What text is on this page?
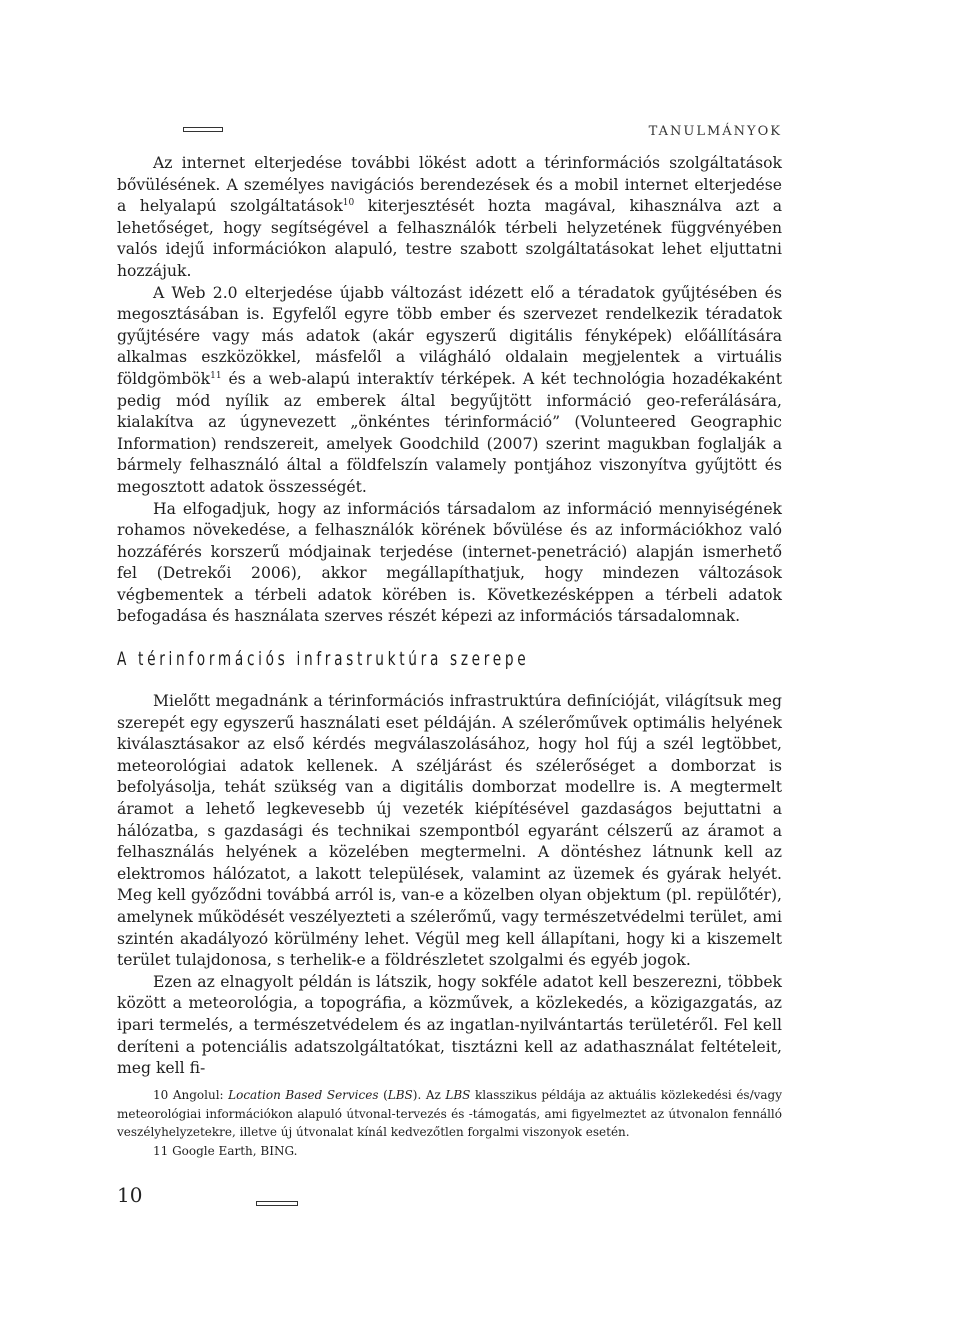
TANULMÁNYOK

Az internet elterjedése további lökést adott a térinformációs szolgáltatások bővülésének. A személyes navigációs berendezések és a mobil internet elterjedése a helyalapú szolgáltatások$^{10}$ kiterjesztését hozta magával, kihasználva azt a lehetőséget, hogy segítségével a felhasználók térbeli helyzetének függvényében valós idejű információkon alapuló, testre szabott szolgáltatásokat lehet eljuttatni hozzájuk.

A Web 2.0 elterjedése újabb változást idézett elő a téradatok gyűjtésében és megosztásában is. Egyfelől egyre több ember és szervezet rendelkezik téradatok gyűjtésére vagy más adatok (akár egyszerű digitális fényképek) előállítására alkalmas eszközökkel, másfelől a világháló oldalain megjelentek a virtuális földgömbök$^{11}$ és a web-alapú interaktív térképek. A két technológia hozadékaként pedig mód nyílik az emberek által begyűjtött információ geo-referálására, kialakítva az úgynevezett „önkéntes térinformáció” (Volunteered Geographic Information) rendszereit, amelyek Goodchild (2007) szerint magukban foglalják a bármely felhasználó által a földfelszín valamely pontjához viszonyítva gyűjtött és megosztott adatok összességét.

Ha elfogadjuk, hogy az információs társadalom az információ mennyiségének rohamos növekedése, a felhasználók körének bővülése és az információkhoz való hozzáférés korszerű módjainak terjedése (internet-penetráció) alapján ismerhető fel (Detrekői 2006), akkor megállapíthatjuk, hogy mindezen változások végbementek a térbeli adatok körében is. Következésképpen a térbeli adatok befogadása és használata szerves részét képezi az információs társadalomnak.

A térinformációs infrastruktúra szerepe

Mielőtt megadnánk a térinformációs infrastruktúra definícióját, világítsuk meg szerepét egy egyszerű használati eset példáján. A szélerőművek optimális helyének kiválasztásakor az első kérdés megválaszolásához, hogy hol fúj a szél legtöbbet, meteorológiai adatok kellenek. A széljárást és szélerőséget a domborzat is befolyásolja, tehát szükség van a digitális domborzat modellre is. A megtermelt áramot a lehető legkevesebb új vezeték kiépítésével gazdaságos bejuttatni a hálózatba, s gazdasági és technikai szempontból egyaránt célszerű az áramot a felhasználás helyének a közelében megtermelni. A döntéshez látnunk kell az elektromos hálózatot, a lakott települések, valamint az üzemek és gyárak helyét. Meg kell győződni továbbá arról is, van-e a közelben olyan objektum (pl. repülőtér), amelynek működését veszélyezteti a szélerőmű, vagy természetvédelmi terület, ami szintén akadályozó körülmény lehet. Végül meg kell állapítani, hogy ki a kiszemelt terület tulajdonosa, s terhelik-e a földrészletet szolgalmi és egyéb jogok.

Ezen az elnagyolt példán is látszik, hogy sokféle adatot kell beszerezni, többek között a meteorológia, a topográfia, a közművek, a közlekedés, a közigazgatás, az ipari termelés, a természetvédelem és az ingatlan-nyilvántartás területéről. Fel kell deríteni a potenciális adatszolgáltatókat, tisztázni kell az adathasználat feltételeit, meg kell fi-

10 Angolul: Location Based Services (LBS). Az LBS klasszikus példája az aktuális közlekedési és/vagy meteorológiai információkon alapuló útvonal-tervezés és -támogatás, ami figyelmeztet az útvonalon fennálló veszélyhelyzetekre, illetve új útvonalat kínál kedvezőtlen forgalmi viszonyok esetén.

11 Google Earth, BING.

10
